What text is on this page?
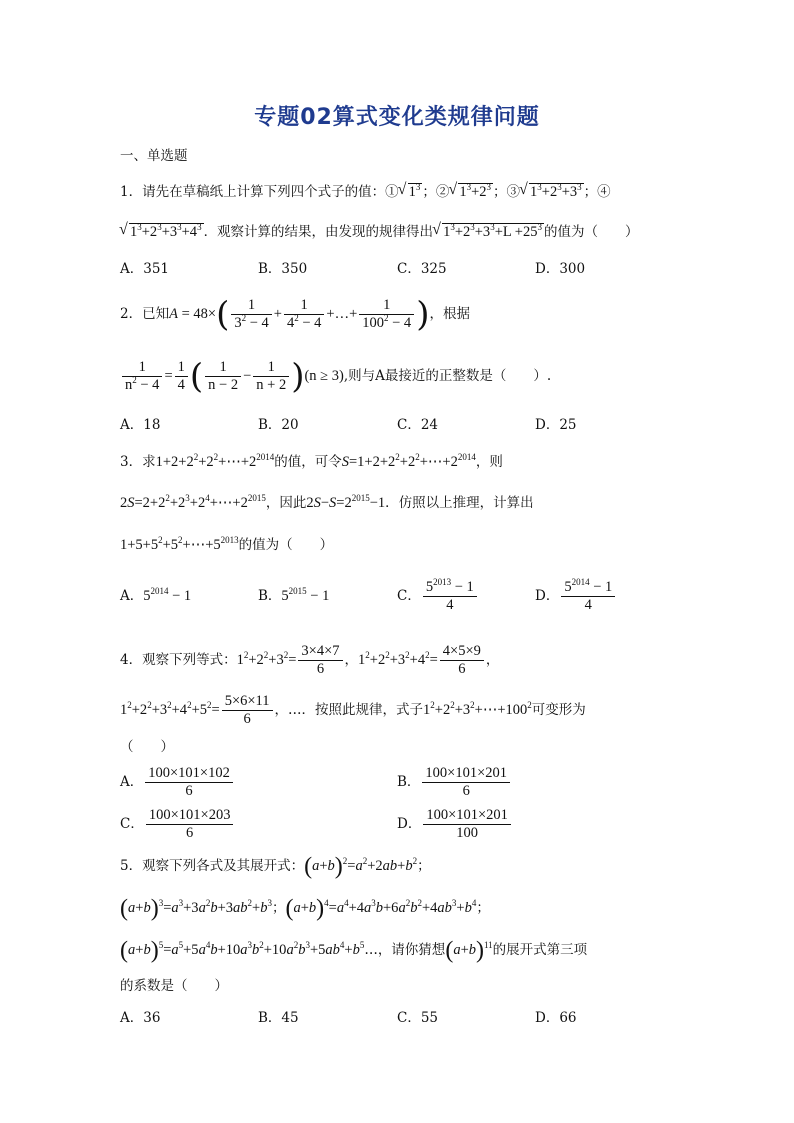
专题02算式变化类规律问题
一、单选题
1．请先在草稿纸上计算下列四个式子的值：① √ $1^3$ ；② √ $1^3+2^3$ ；③ √ $1^3+2^3+3^3$ ；④
√ $1^3+2^3+3^3+4^3$ ．观察计算的结果，由发现的规律得出 √ $1^3+2^3+3^3+L +25^3$ 的值为（　　）
A．351	B．350	C．325	D．300
2．已知$A = 48\times( \frac{1}{3^2 - 4} + \frac{1}{4^2 - 4}$ +…+ $\frac{1}{100^2 - 4}$ )，根据
$\frac{1}{n^2 - 4} = \frac{1}{4}$ ( $\frac{1}{n - 2} - \frac{1}{n + 2} )(n \ge 3)$,则与A最接近的正整数是（　　）.
A．18	B．20	C．24	D．25
3．求$1+2+2^2+2^2+\cdots+2^{2014}$的值，可令$S=1+2+2^2+2^2+\cdots+2^{2014}$，则
$2S=2+2^2+2^3+2^4+\cdots+2^{2015}$，因此$2S-S=2^{2015}-1$．仿照以上推理，计算出
$1+5+5^2+5^2+\cdots+5^{2013}$的值为（　　）
A．$5^{2014} - 1$	B．$5^{2015} - 1$	C． $\frac{5^{2013} - 1}{4}$	D． $\frac{5^{2014} - 1}{4}$
4．观察下列等式：$1^2+2^2+3^2= \frac{3\times 4\times 7}{6}$ ，$1^2+2^2+3^2+4^2= \frac{4\times 5\times 9}{6}$ ，
$1^2+2^2+3^2+4^2+5^2= \frac{5\times 6\times 11}{6}$ ，…．按照此规律，式子$1^2+2^2+3^2+\cdots+100^2$可变形为
（　　）
A． $\frac{100\times 101\times 102}{6}$	B． $\frac{100\times 101\times 201}{6}$
C． $\frac{100\times 101\times 203}{6}$	D． $\frac{100\times 101\times 201}{100}$
5．观察下列各式及其展开式：$(a+b)^2=a^2+2ab+b^2$；
$(a+b)^3=a^3+3a^2b+3ab^2+b^3$；$(a+b)^4=a^4+4a^3b+6a^2b^2+4ab^3+b^4$；
$(a+b)^5=a^5+5a^4b+10a^3b^2+10a^2b^3+5ab^4+b^5\dots$，请你猜想$(a+b)^{11}$的展开式第三项
的系数是（　　）
A．36	B．45	C．55	D．66
